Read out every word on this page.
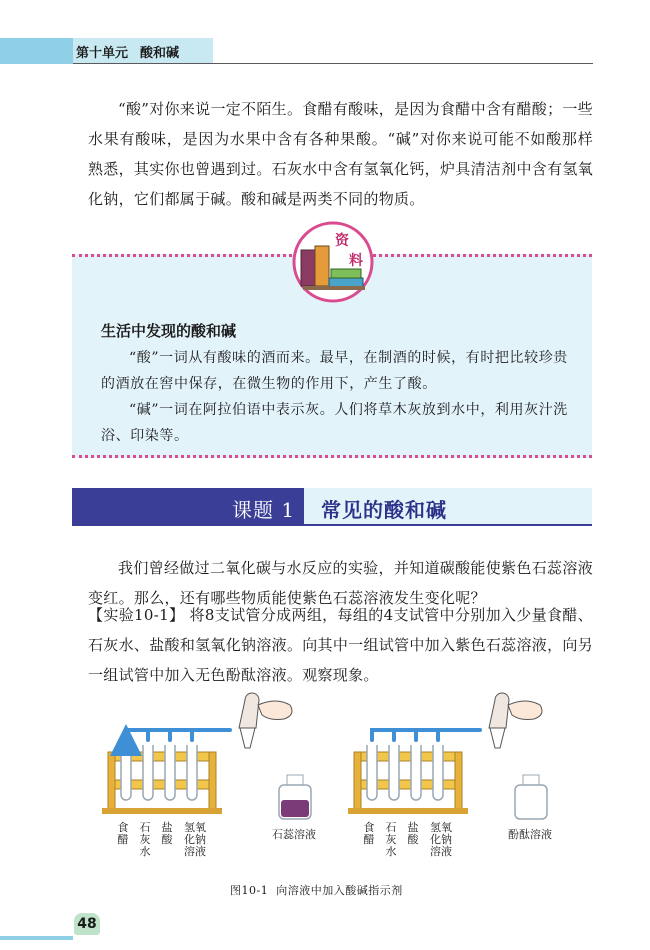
第十单元 酸和碱

“酸”对你来说一定不陌生。食醋有酸味，是因为食醋中含有醋酸；一些水果有酸味，是因为水果中含有各种果酸。“碱”对你来说可能不如酸那样熟悉，其实你也曾遇到过。石灰水中含有氢氧化钙，炉具清洁剂中含有氢氧化钠，它们都属于碱。酸和碱是两类不同的物质。

资
料
生活中发现的酸和碱

“酸”一词从有酸味的酒而来。最早，在制酒的时候，有时把比较珍贵的酒放在窖中保存，在微生物的作用下，产生了酸。

“碱”一词在阿拉伯语中表示灰。人们将草木灰放到水中，利用灰汁洗浴、印染等。

课题 1 常见的酸和碱

我们曾经做过二氧化碳与水反应的实验，并知道碳酸能使紫色石蕊溶液变红。那么，还有哪些物质能使紫色石蕊溶液发生变化呢？

【实验10-1】 将8支试管分成两组，每组的4支试管中分别加入少量食醋、石灰水、盐酸和氢氧化钠溶液。向其中一组试管中加入紫色石蕊溶液，向另一组试管中加入无色酚酞溶液。观察现象。

食醋
石灰水
盐酸
氢氧化钠溶液
石蕊溶液
食醋
石灰水
盐酸
氢氧化钠溶液
酚酞溶液
图10-1 向溶液中加入酸碱指示剂
48
